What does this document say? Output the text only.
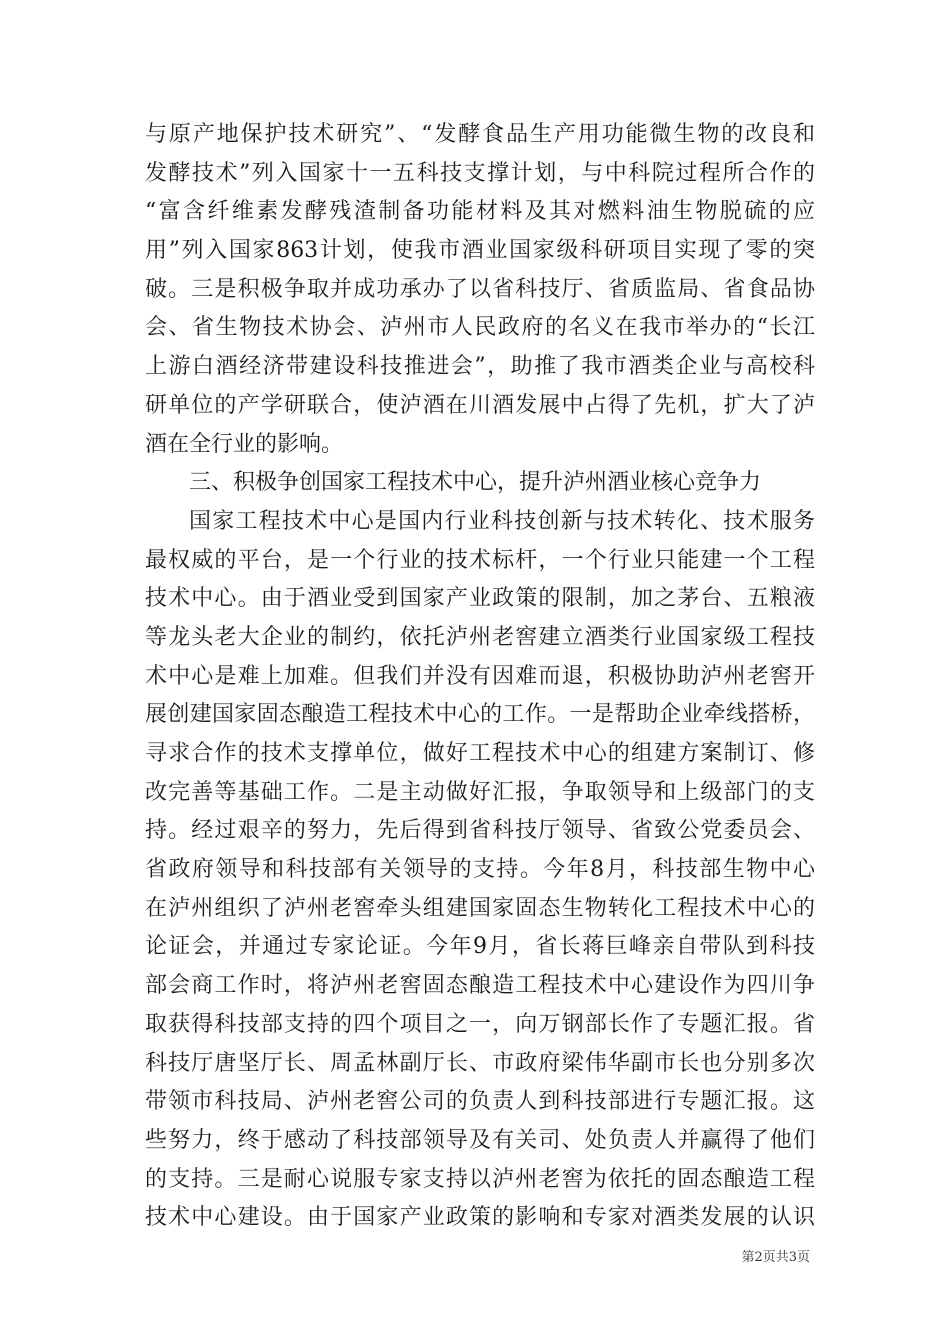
与原产地保护技术研究”、“发酵食品生产用功能微生物的改良和
发酵技术”列入国家十一五科技支撑计划，与中科院过程所合作的
“富含纤维素发酵残渣制备功能材料及其对燃料油生物脱硫的应
用”列入国家863计划，使我市酒业国家级科研项目实现了零的突
破。三是积极争取并成功承办了以省科技厅、省质监局、省食品协
会、省生物技术协会、泸州市人民政府的名义在我市举办的“长江
上游白酒经济带建设科技推进会”，助推了我市酒类企业与高校科
研单位的产学研联合，使泸酒在川酒发展中占得了先机，扩大了泸
酒在全行业的影响。
三、积极争创国家工程技术中心，提升泸州酒业核心竞争力
国家工程技术中心是国内行业科技创新与技术转化、技术服务
最权威的平台，是一个行业的技术标杆，一个行业只能建一个工程
技术中心。由于酒业受到国家产业政策的限制，加之茅台、五粮液
等龙头老大企业的制约，依托泸州老窖建立酒类行业国家级工程技
术中心是难上加难。但我们并没有因难而退，积极协助泸州老窖开
展创建国家固态酿造工程技术中心的工作。一是帮助企业牵线搭桥，
寻求合作的技术支撑单位，做好工程技术中心的组建方案制订、修
改完善等基础工作。二是主动做好汇报，争取领导和上级部门的支
持。经过艰辛的努力，先后得到省科技厅领导、省致公党委员会、
省政府领导和科技部有关领导的支持。今年8月，科技部生物中心
在泸州组织了泸州老窖牵头组建国家固态生物转化工程技术中心的
论证会，并通过专家论证。今年9月，省长蒋巨峰亲自带队到科技
部会商工作时，将泸州老窖固态酿造工程技术中心建设作为四川争
取获得科技部支持的四个项目之一，向万钢部长作了专题汇报。省
科技厅唐坚厅长、周孟林副厅长、市政府梁伟华副市长也分别多次
带领市科技局、泸州老窖公司的负责人到科技部进行专题汇报。这
些努力，终于感动了科技部领导及有关司、处负责人并赢得了他们
的支持。三是耐心说服专家支持以泸州老窖为依托的固态酿造工程
技术中心建设。由于国家产业政策的影响和专家对酒类发展的认识
第2页共3页
